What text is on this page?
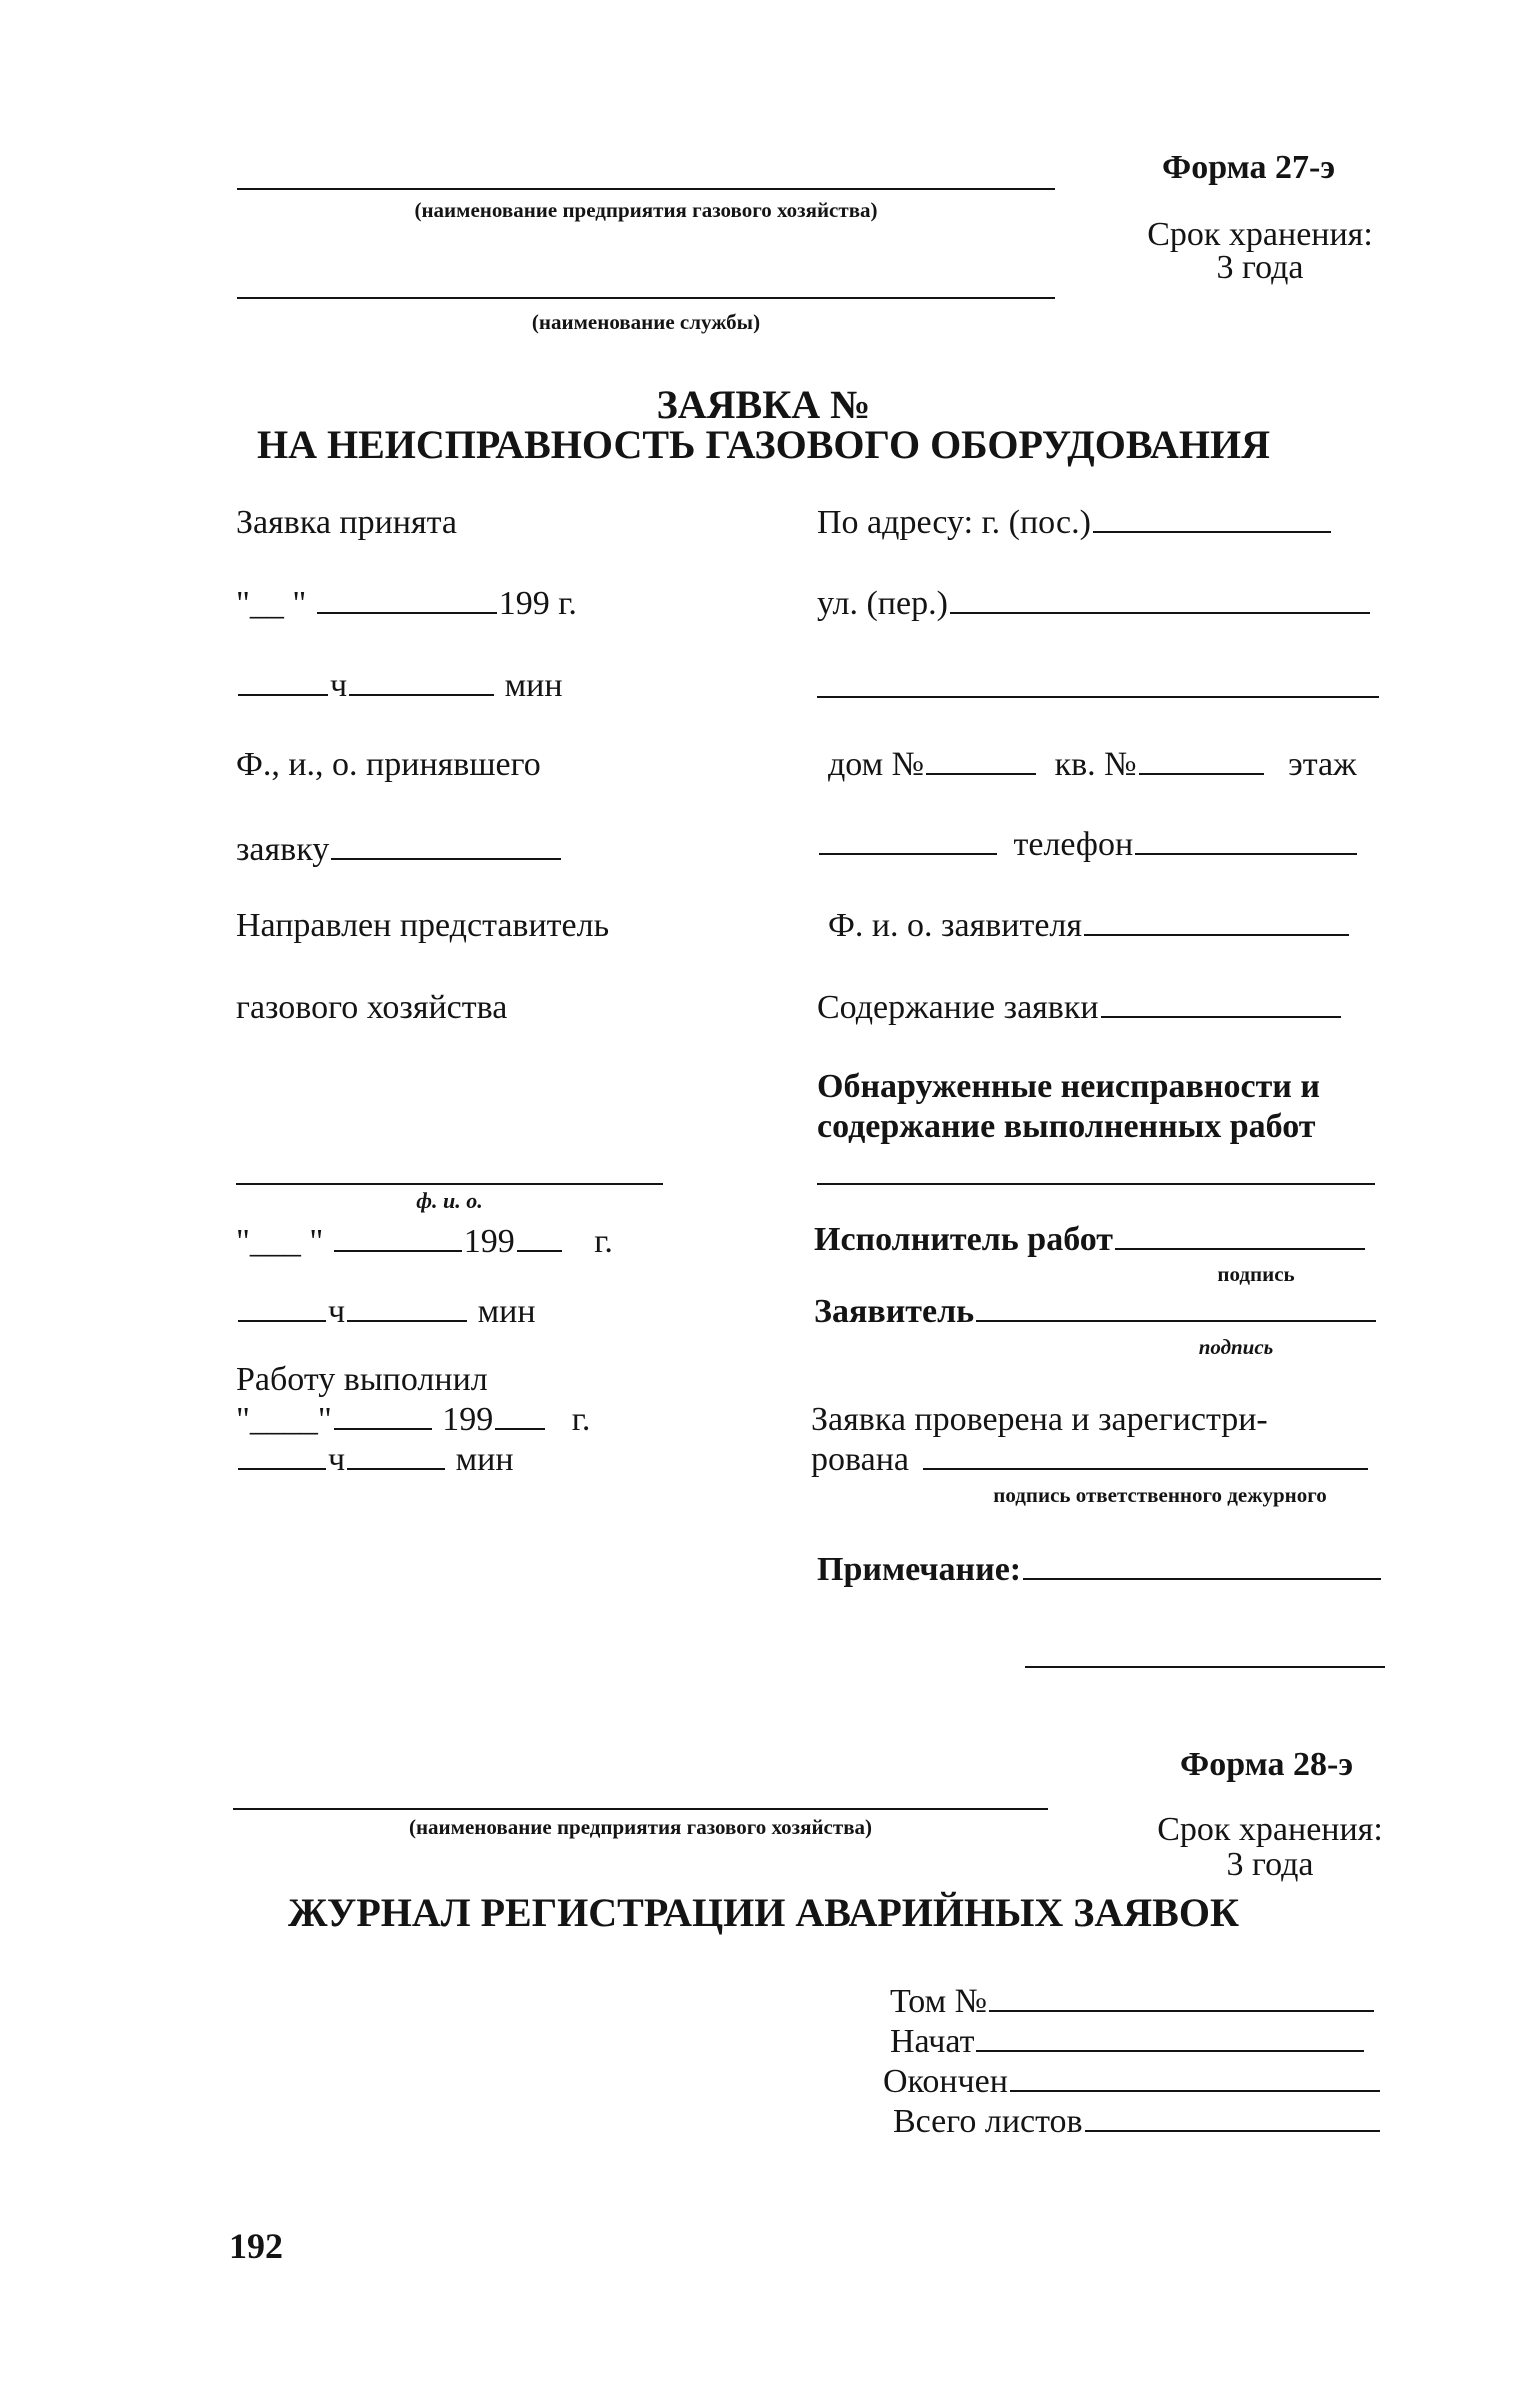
Форма 27-э
(наименование предприятия газового хозяйства)
Срок хранения:
3 года
(наименование службы)
ЗАЯВКА №
НА НЕИСПРАВНОСТЬ ГАЗОВОГО ОБОРУДОВАНИЯ
Заявка принята
"__ "	199 г.
ч	мин
Ф., и., о. принявшего
заявку
Направлен представитель
газового хозяйства
ф. и. о.
"___ "	199 г.
ч	мин
Работу выполнил
"____"	199 г.
ч	мин
По адресу: г. (пос.)
ул. (пер.)
дом №	кв. №	этаж
телефон
Ф. и. о. заявителя
Содержание заявки
Обнаруженные неисправности и
содержание выполненных работ
Исполнитель работ
подпись
Заявитель
подпись
Заявка проверена и зарегистри-
рована
подпись ответственного дежурного
Примечание:
Форма 28-э
(наименование предприятия газового хозяйства)	Срок хранения:
3 года
ЖУРНАЛ РЕГИСТРАЦИИ АВАРИЙНЫХ ЗАЯВОК
Том №
Начат
Окончен
Всего листов
192
